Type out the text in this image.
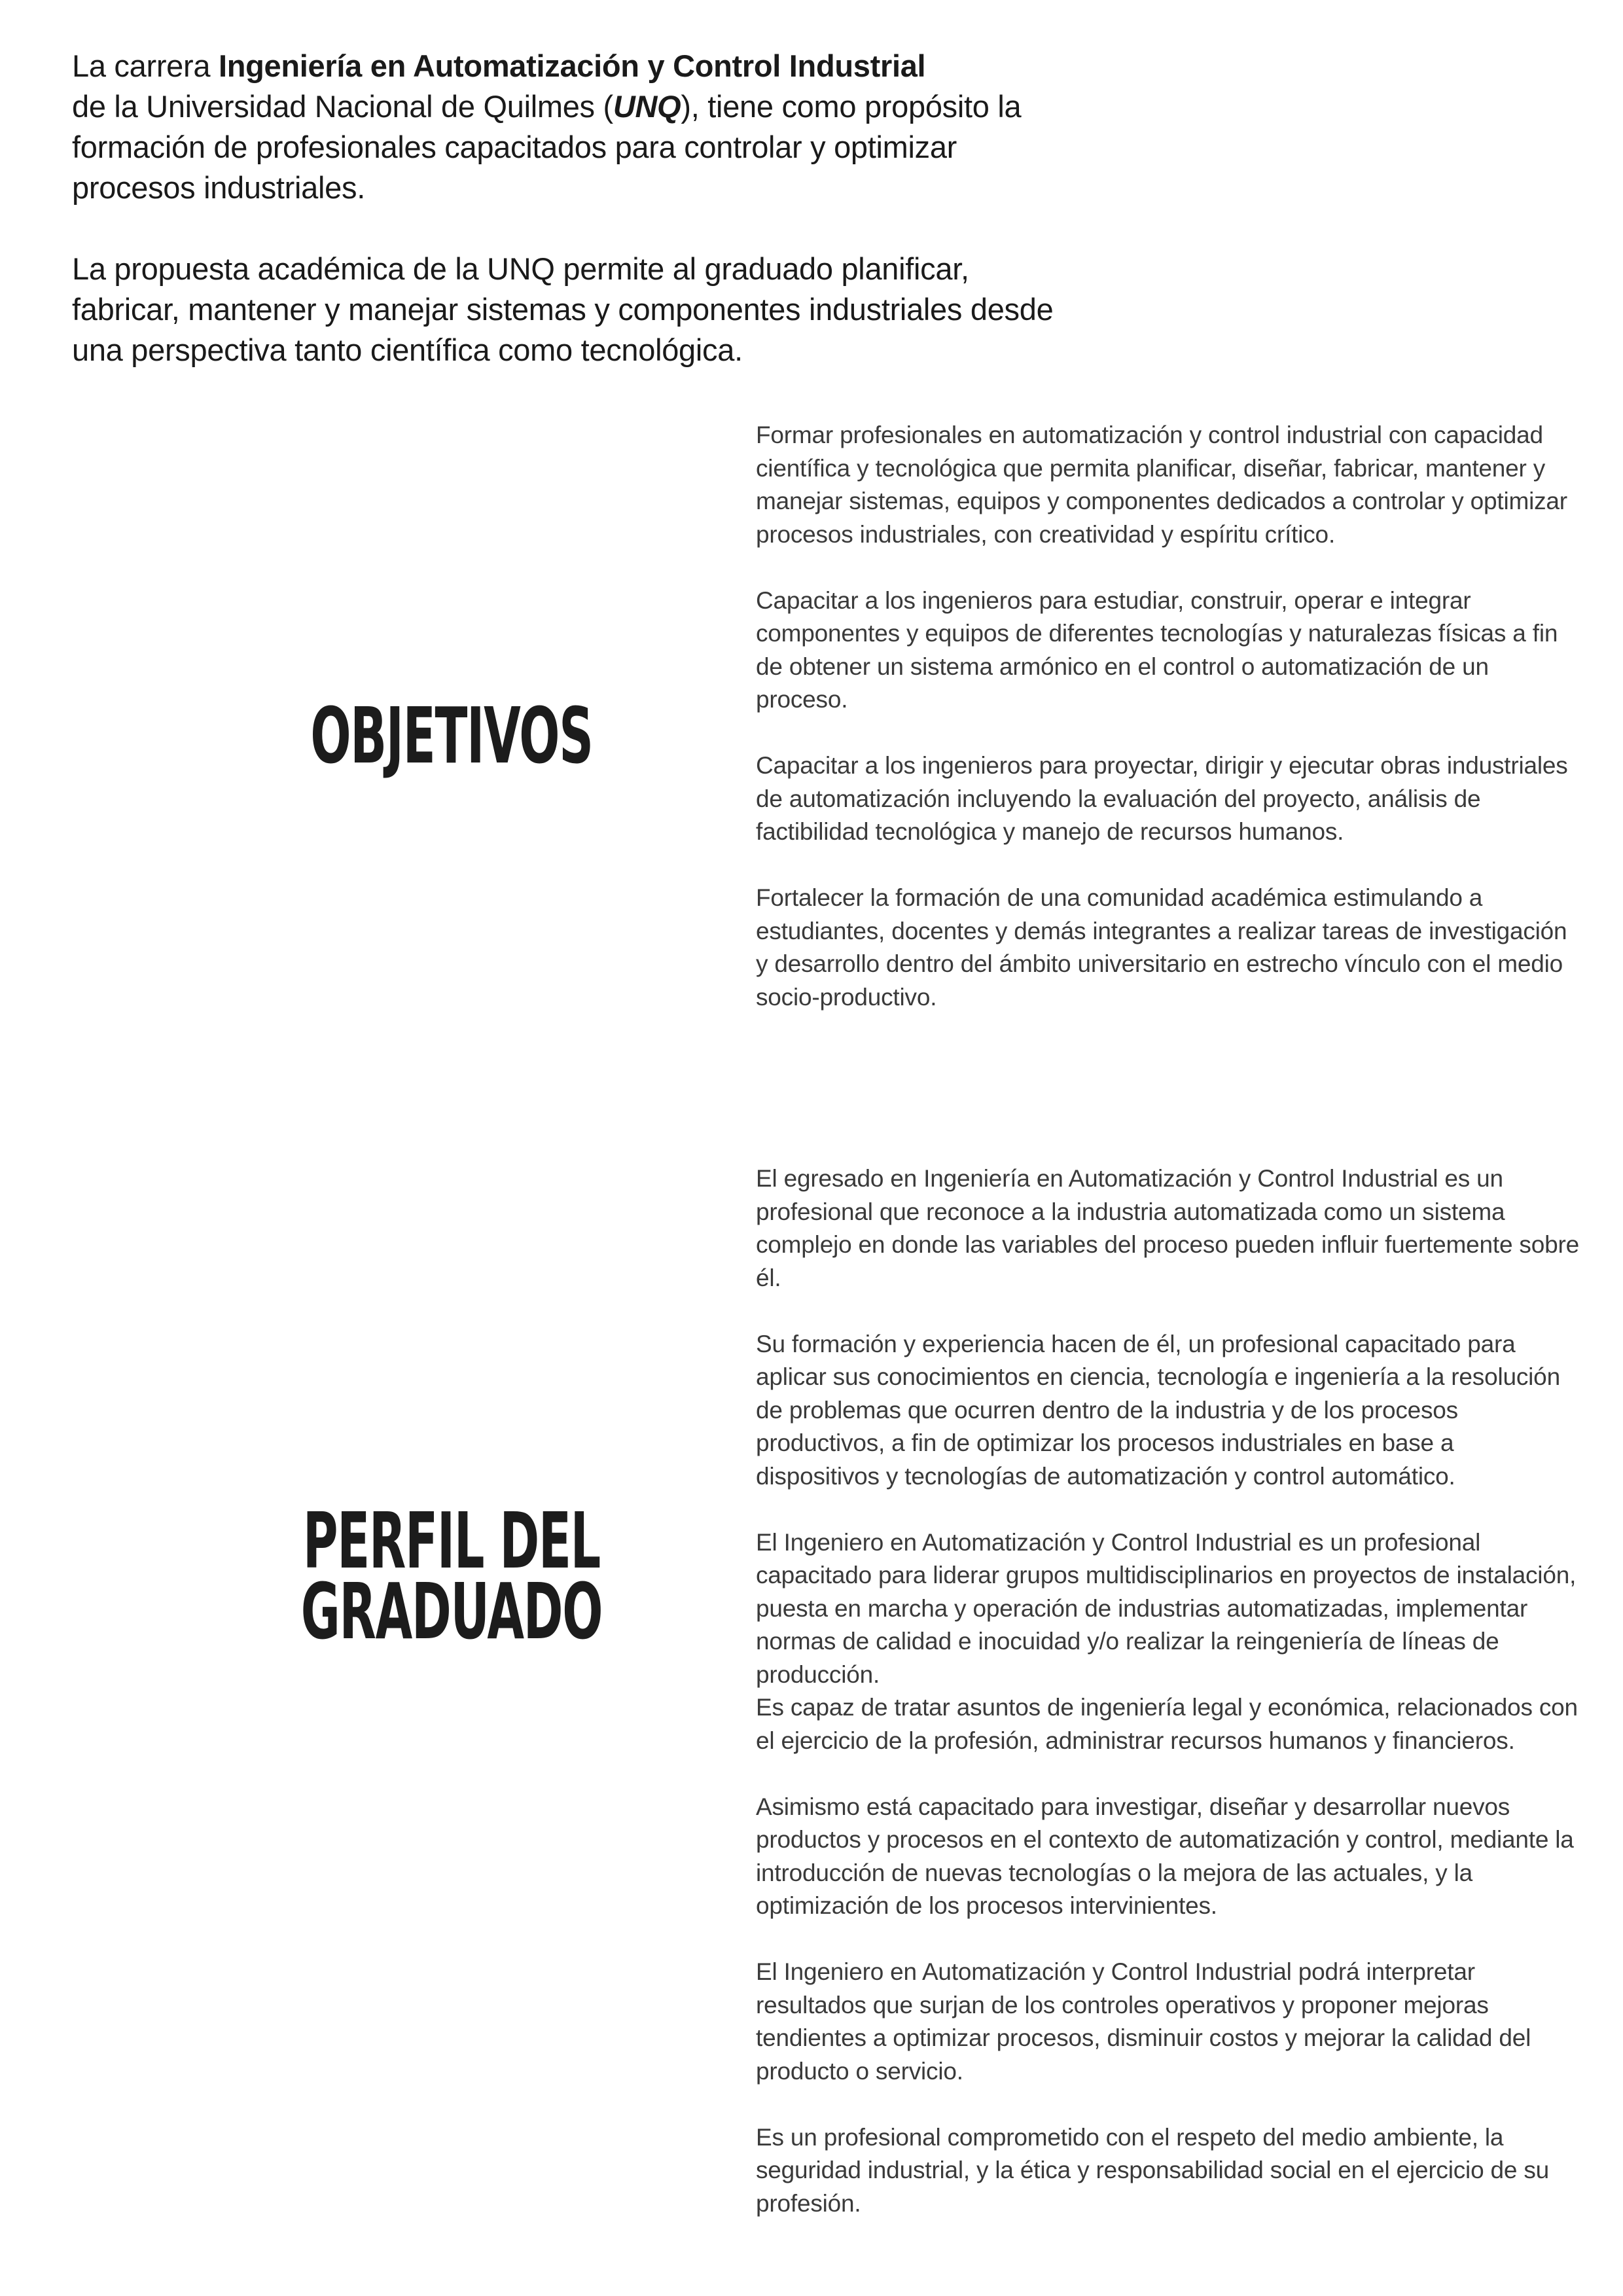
La carrera Ingeniería en Automatización y Control Industrial
de la Universidad Nacional de Quilmes (UNQ), tiene como propósito la formación de profesionales capacitados para controlar y optimizar procesos industriales.

La propuesta académica de la UNQ permite al graduado planificar, fabricar, mantener y manejar sistemas y componentes industriales desde una perspectiva tanto científica como tecnológica.

OBJETIVOS

Formar profesionales en automatización y control industrial con capacidad científica y tecnológica que permita planificar, diseñar, fabricar, mantener y manejar sistemas, equipos y componentes dedicados a controlar y optimizar procesos industriales, con creatividad y espíritu crítico.

Capacitar a los ingenieros para estudiar, construir, operar e integrar componentes y equipos de diferentes tecnologías y naturalezas físicas a fin de obtener un sistema armónico en el control o automatización de un proceso.

Capacitar a los ingenieros para proyectar, dirigir y ejecutar obras industriales de automatización incluyendo la evaluación del proyecto, análisis de factibilidad tecnológica y manejo de recursos humanos.

Fortalecer la formación de una comunidad académica estimulando a estudiantes, docentes y demás integrantes a realizar tareas de investigación y desarrollo dentro del ámbito universitario en estrecho vínculo con el medio socio-productivo.

PERFIL DEL
GRADUADO

El egresado en Ingeniería en Automatización y Control Industrial es un profesional que reconoce a la industria automatizada como un sistema complejo en donde las variables del proceso pueden influir fuertemente sobre él.

Su formación y experiencia hacen de él, un profesional capacitado para aplicar sus conocimientos en ciencia, tecnología e ingeniería a la resolución de problemas que ocurren dentro de la industria y de los procesos productivos, a fin de optimizar los procesos industriales en base a dispositivos y tecnologías de automatización y control automático.

El Ingeniero en Automatización y Control Industrial es un profesional capacitado para liderar grupos multidisciplinarios en proyectos de instalación, puesta en marcha y operación de industrias automatizadas, implementar normas de calidad e inocuidad y/o realizar la reingeniería de líneas de producción.
Es capaz de tratar asuntos de ingeniería legal y económica, relacionados con el ejercicio de la profesión, administrar recursos humanos y financieros.

Asimismo está capacitado para investigar, diseñar y desarrollar nuevos productos y procesos en el contexto de automatización y control, mediante la introducción de nuevas tecnologías o la mejora de las actuales, y la optimización de los procesos intervinientes.

El Ingeniero en Automatización y Control Industrial podrá interpretar resultados que surjan de los controles operativos y proponer mejoras tendientes a optimizar procesos, disminuir costos y mejorar la calidad del producto o servicio.

Es un profesional comprometido con el respeto del medio ambiente, la seguridad industrial, y la ética y responsabilidad social en el ejercicio de su profesión.
